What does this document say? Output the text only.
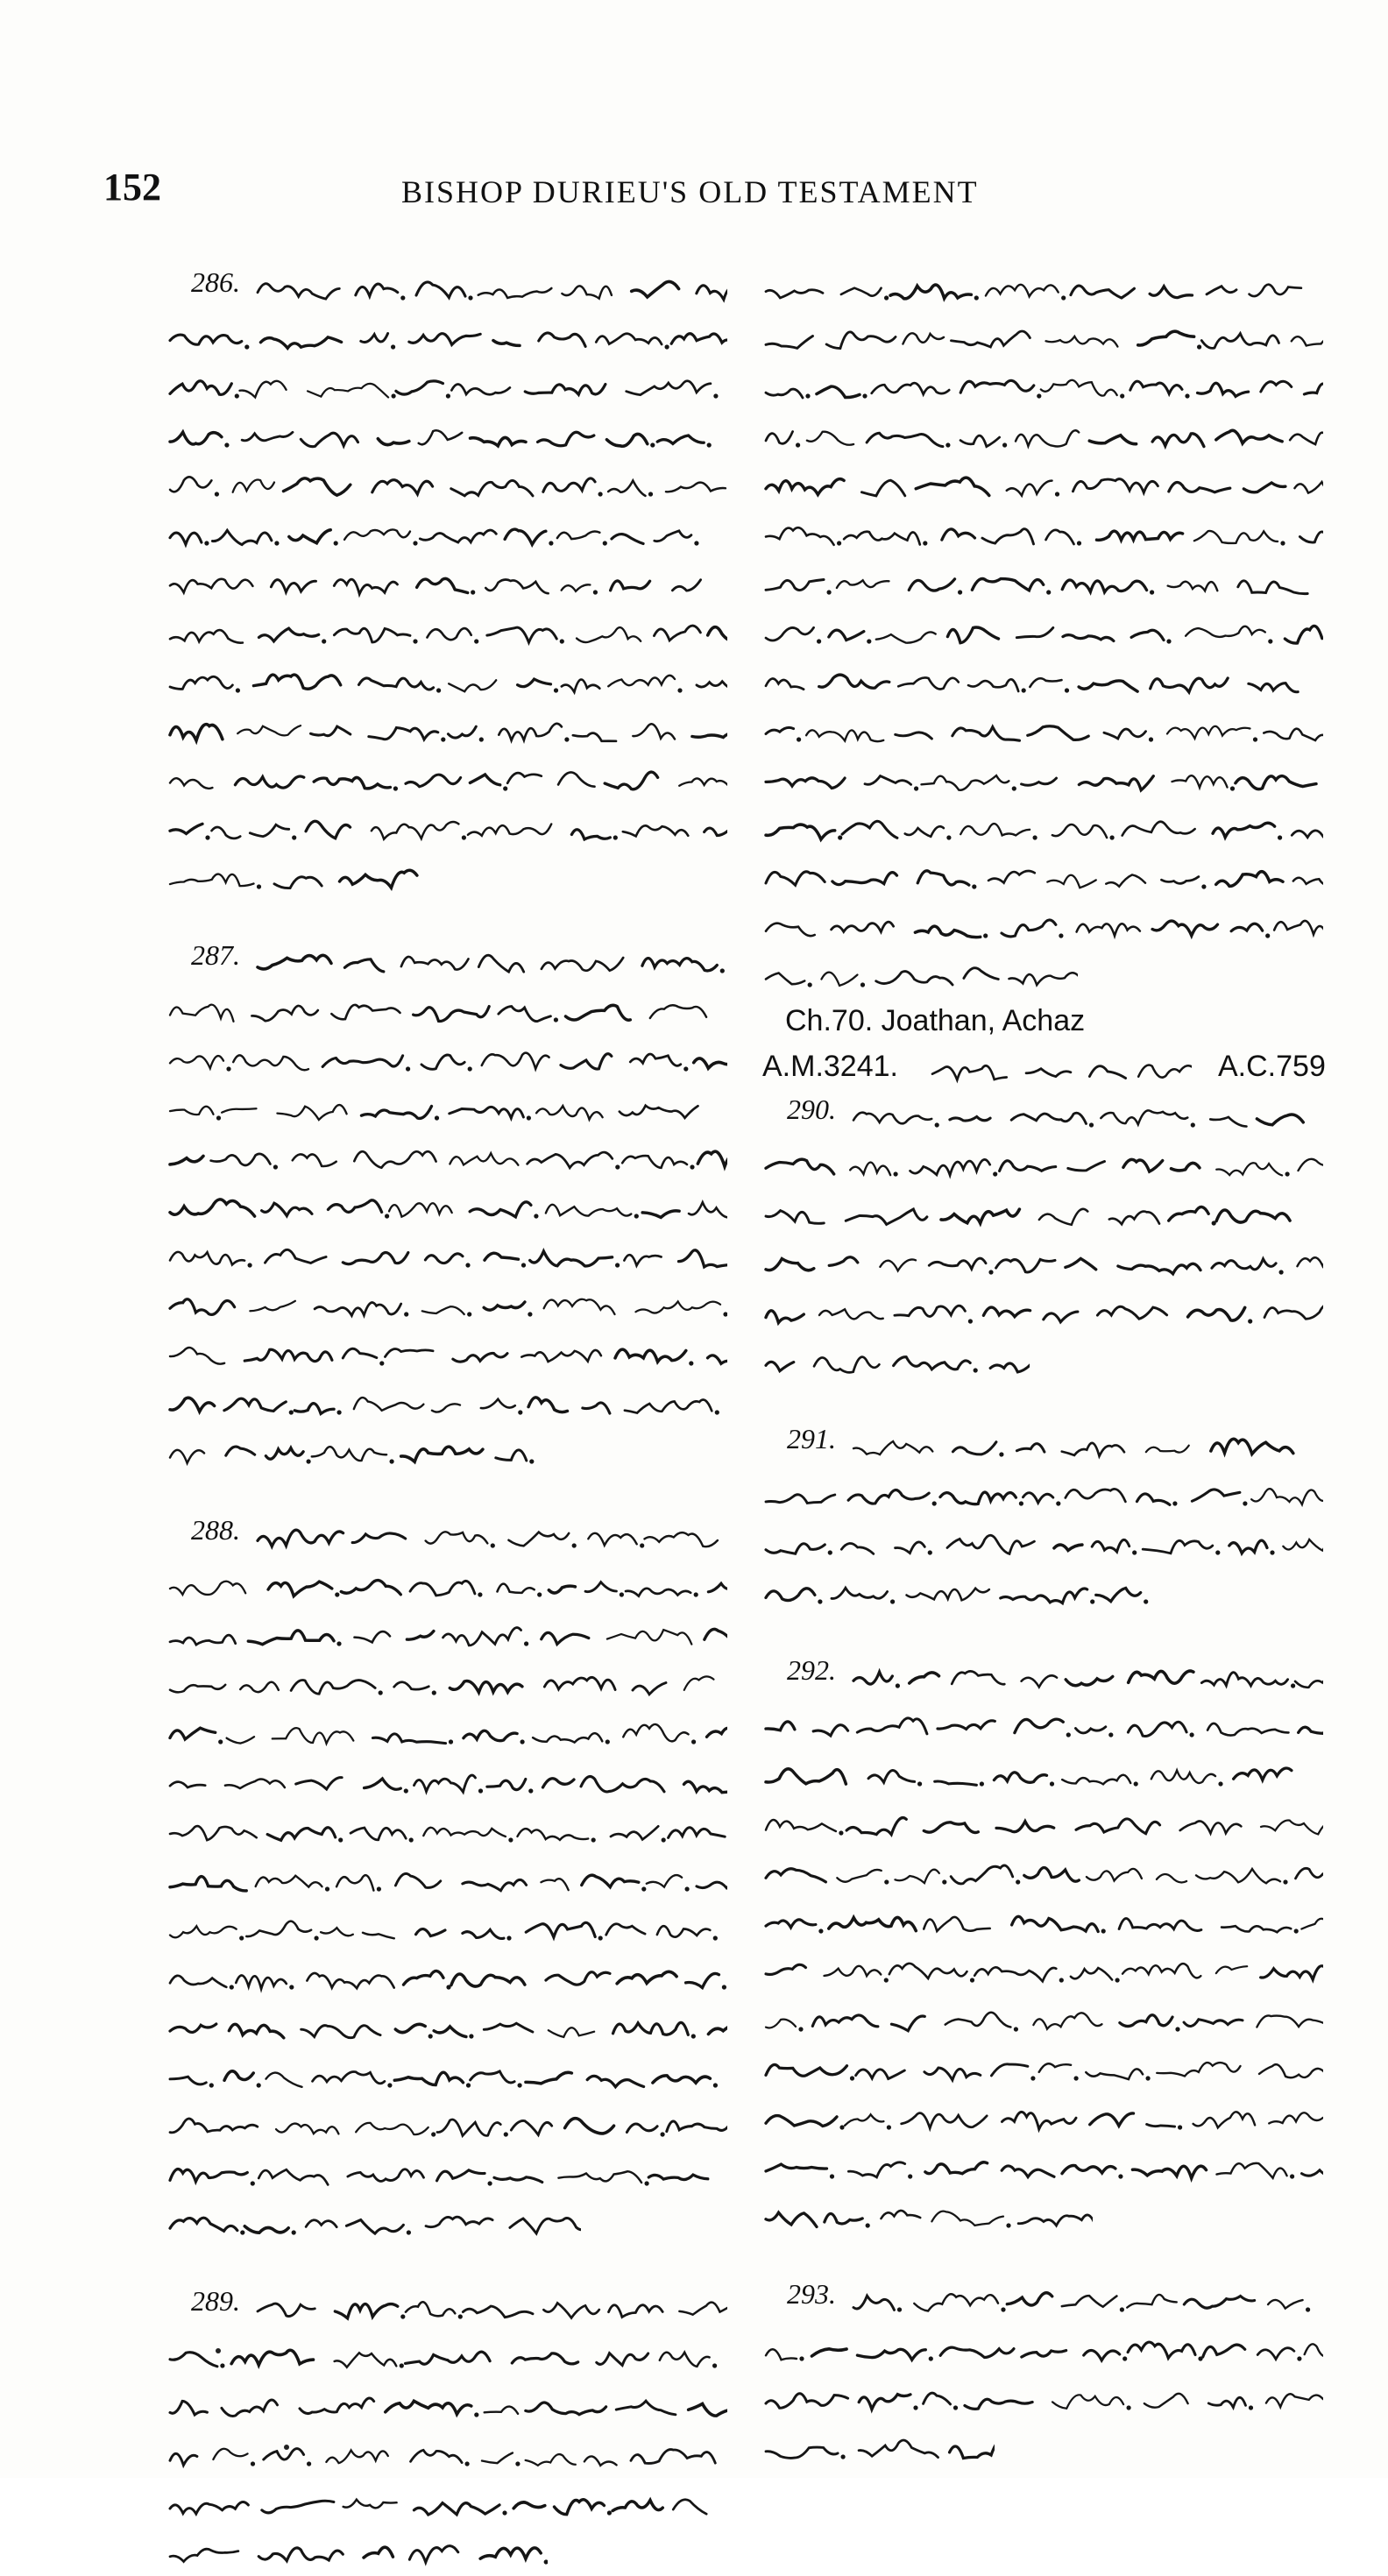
152	BISHOP DURIEU'S OLD TESTAMENT
286.
287.
288.
289.
Ch.70. Joathan, Achaz
A.M.3241.	A.C.759
290.
291.
292.
293.
